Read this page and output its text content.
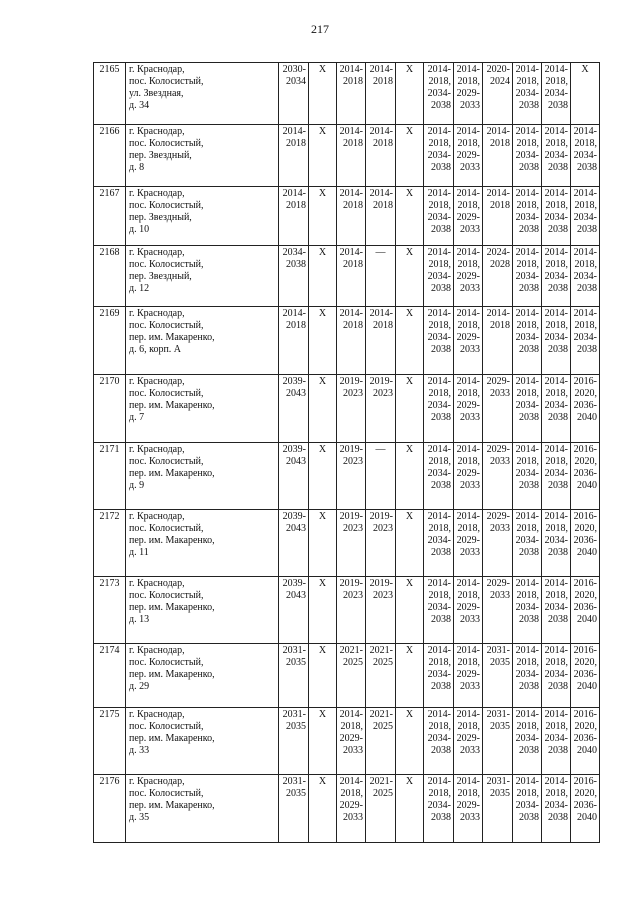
217
2165	г. Краснодар,
пос. Колосистый,
ул. Звездная,
д. 34	2030-
2034	X	2014-
2018	2014-
2018	X	2014-
2018,
2034-
2038	2014-
2018,
2029-
2033	2020-
2024	2014-
2018,
2034-
2038	2014-
2018,
2034-
2038	X

2166	г. Краснодар,
пос. Колосистый,
пер. Звездный,
д. 8	2014-
2018	X	2014-
2018	2014-
2018	X	2014-
2018,
2034-
2038	2014-
2018,
2029-
2033	2014-
2018	2014-
2018,
2034-
2038	2014-
2018,
2034-
2038	2014-
2018,
2034-
2038

2167	г. Краснодар,
пос. Колосистый,
пер. Звездный,
д. 10	2014-
2018	X	2014-
2018	2014-
2018	X	2014-
2018,
2034-
2038	2014-
2018,
2029-
2033	2014-
2018	2014-
2018,
2034-
2038	2014-
2018,
2034-
2038	2014-
2018,
2034-
2038

2168	г. Краснодар,
пос. Колосистый,
пер. Звездный,
д. 12	2034-
2038	X	2014-
2018	—	X	2014-
2018,
2034-
2038	2014-
2018,
2029-
2033	2024-
2028	2014-
2018,
2034-
2038	2014-
2018,
2034-
2038	2014-
2018,
2034-
2038

2169	г. Краснодар,
пос. Колосистый,
пер. им. Макаренко,
д. 6, корп. А	2014-
2018	X	2014-
2018	2014-
2018	X	2014-
2018,
2034-
2038	2014-
2018,
2029-
2033	2014-
2018	2014-
2018,
2034-
2038	2014-
2018,
2034-
2038	2014-
2018,
2034-
2038

2170	г. Краснодар,
пос. Колосистый,
пер. им. Макаренко,
д. 7	2039-
2043	X	2019-
2023	2019-
2023	X	2014-
2018,
2034-
2038	2014-
2018,
2029-
2033	2029-
2033	2014-
2018,
2034-
2038	2014-
2018,
2034-
2038	2016-
2020,
2036-
2040

2171	г. Краснодар,
пос. Колосистый,
пер. им. Макаренко,
д. 9	2039-
2043	X	2019-
2023	—	X	2014-
2018,
2034-
2038	2014-
2018,
2029-
2033	2029-
2033	2014-
2018,
2034-
2038	2014-
2018,
2034-
2038	2016-
2020,
2036-
2040

2172	г. Краснодар,
пос. Колосистый,
пер. им. Макаренко,
д. 11	2039-
2043	X	2019-
2023	2019-
2023	X	2014-
2018,
2034-
2038	2014-
2018,
2029-
2033	2029-
2033	2014-
2018,
2034-
2038	2014-
2018,
2034-
2038	2016-
2020,
2036-
2040

2173	г. Краснодар,
пос. Колосистый,
пер. им. Макаренко,
д. 13	2039-
2043	X	2019-
2023	2019-
2023	X	2014-
2018,
2034-
2038	2014-
2018,
2029-
2033	2029-
2033	2014-
2018,
2034-
2038	2014-
2018,
2034-
2038	2016-
2020,
2036-
2040

2174	г. Краснодар,
пос. Колосистый,
пер. им. Макаренко,
д. 29	2031-
2035	X	2021-
2025	2021-
2025	X	2014-
2018,
2034-
2038	2014-
2018,
2029-
2033	2031-
2035	2014-
2018,
2034-
2038	2014-
2018,
2034-
2038	2016-
2020,
2036-
2040

2175	г. Краснодар,
пос. Колосистый,
пер. им. Макаренко,
д. 33	2031-
2035	X	2014-
2018,
2029-
2033	2021-
2025	X	2014-
2018,
2034-
2038	2014-
2018,
2029-
2033	2031-
2035	2014-
2018,
2034-
2038	2014-
2018,
2034-
2038	2016-
2020,
2036-
2040

2176	г. Краснодар,
пос. Колосистый,
пер. им. Макаренко,
д. 35	2031-
2035	X	2014-
2018,
2029-
2033	2021-
2025	X	2014-
2018,
2034-
2038	2014-
2018,
2029-
2033	2031-
2035	2014-
2018,
2034-
2038	2014-
2018,
2034-
2038	2016-
2020,
2036-
2040
